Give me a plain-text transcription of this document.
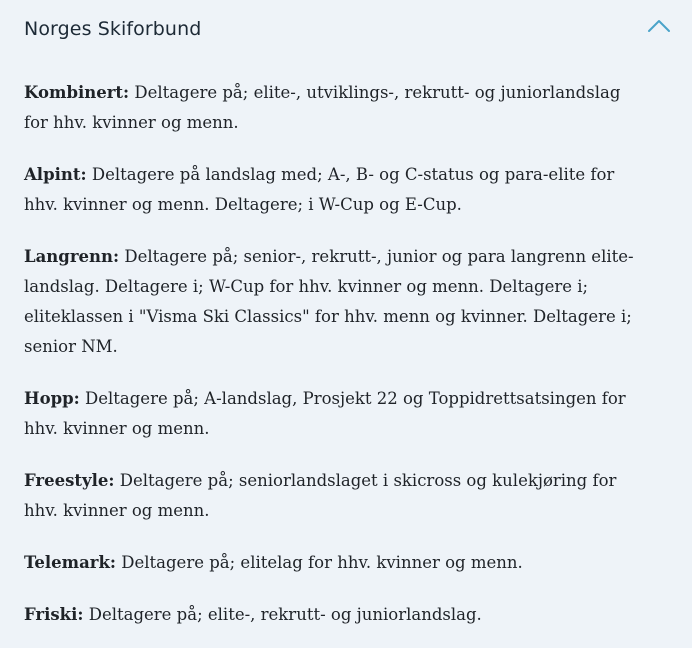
Norges Skiforbund

Kombinert: Deltagere på; elite-, utviklings-, rekrutt- og juniorlandslag for hhv. kvinner og menn.

Alpint: Deltagere på landslag med; A-, B- og C-status og para-elite for hhv. kvinner og menn. Deltagere; i W-Cup og E-Cup.

Langrenn: Deltagere på; senior-, rekrutt-, junior og para langrenn elite-landslag. Deltagere i; W-Cup for hhv. kvinner og menn. Deltagere i; eliteklassen i "Visma Ski Classics" for hhv. menn og kvinner. Deltagere i; senior NM.

Hopp: Deltagere på; A-landslag, Prosjekt 22 og Toppidrettsatsingen for hhv. kvinner og menn.

Freestyle: Deltagere på; seniorlandslaget i skicross og kulekjøring for hhv. kvinner og menn.

Telemark: Deltagere på; elitelag for hhv. kvinner og menn.

Friski: Deltagere på; elite-, rekrutt- og juniorlandslag.
